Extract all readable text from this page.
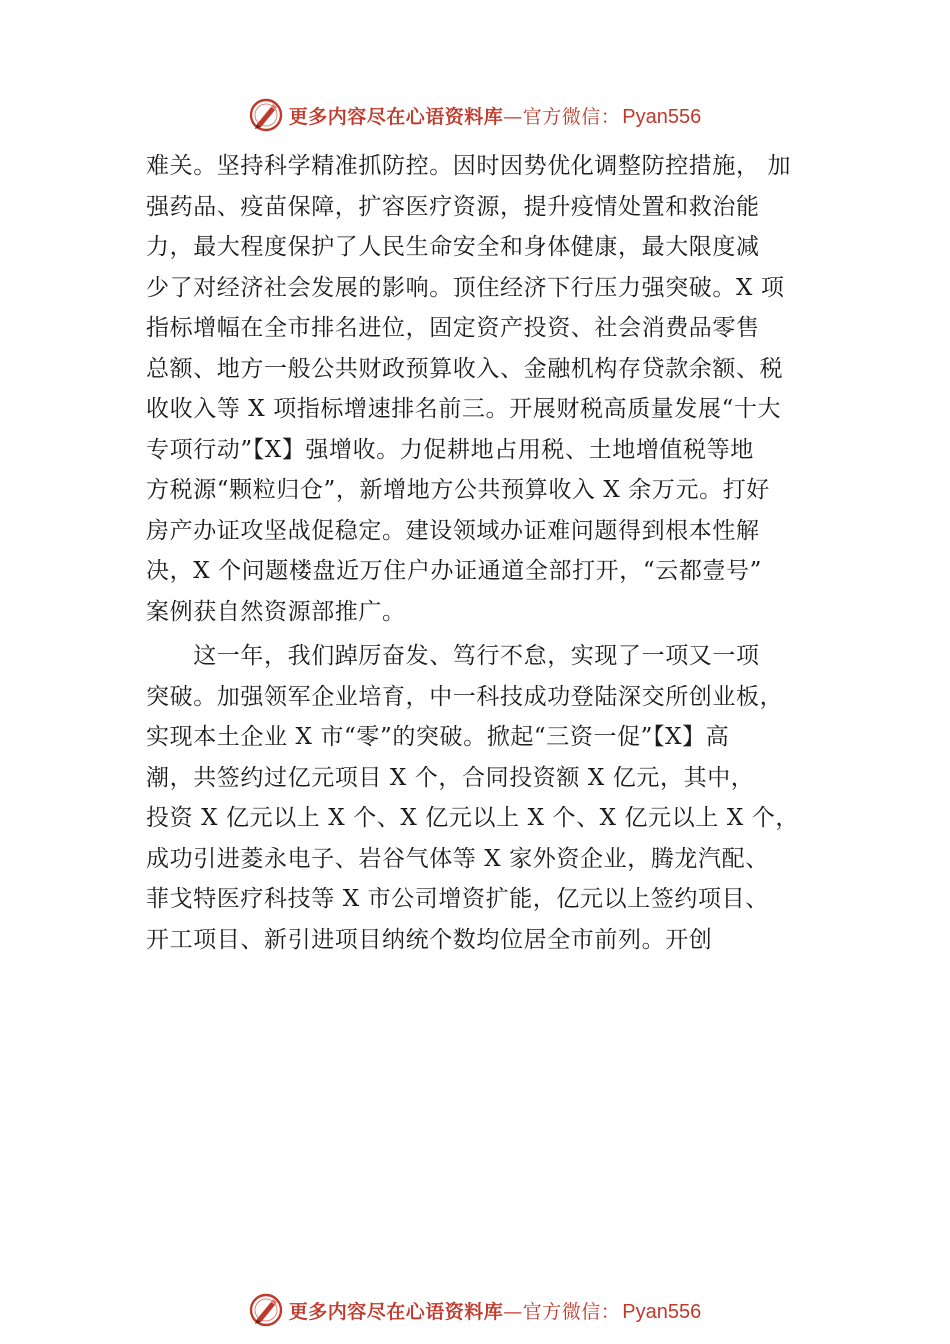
更多内容尽在心语资料库 — 官方微信： Pyan556
难关。坚持科学精准抓防控。因时因势优化调整防控措施， 加
强药品、疫苗保障，扩容医疗资源，提升疫情处置和救治能
力，最大程度保护了人民生命安全和身体健康，最大限度减
少了对经济社会发展的影响。顶住经济下行压力强突破。X 项
指标增幅在全市排名进位，固定资产投资、社会消费品零售
总额、地方一般公共财政预算收入、金融机构存贷款余额、税
收收入等 X 项指标增速排名前三。开展财税高质量发展“十大
专项行动”【X】强增收。力促耕地占用税、土地增值税等地
方税源“颗粒归仓”，新增地方公共预算收入 X 余万元。打好
房产办证攻坚战促稳定。建设领域办证难问题得到根本性解
决，X 个问题楼盘近万住户办证通道全部打开，“云都壹号”
案例获自然资源部推广。
　　这一年，我们踔厉奋发、笃行不怠，实现了一项又一项
突破。加强领军企业培育，中一科技成功登陆深交所创业板，
实现本土企业 X 市“零”的突破。掀起“三资一促”【X】高
潮，共签约过亿元项目 X 个，合同投资额 X 亿元，其中，
投资 X 亿元以上 X 个、X 亿元以上 X 个、X 亿元以上 X 个，
成功引进菱永电子、岩谷气体等 X 家外资企业，腾龙汽配、
菲戈特医疗科技等 X 市公司增资扩能，亿元以上签约项目、
开工项目、新引进项目纳统个数均位居全市前列。开创
更多内容尽在心语资料库 — 官方微信： Pyan556
